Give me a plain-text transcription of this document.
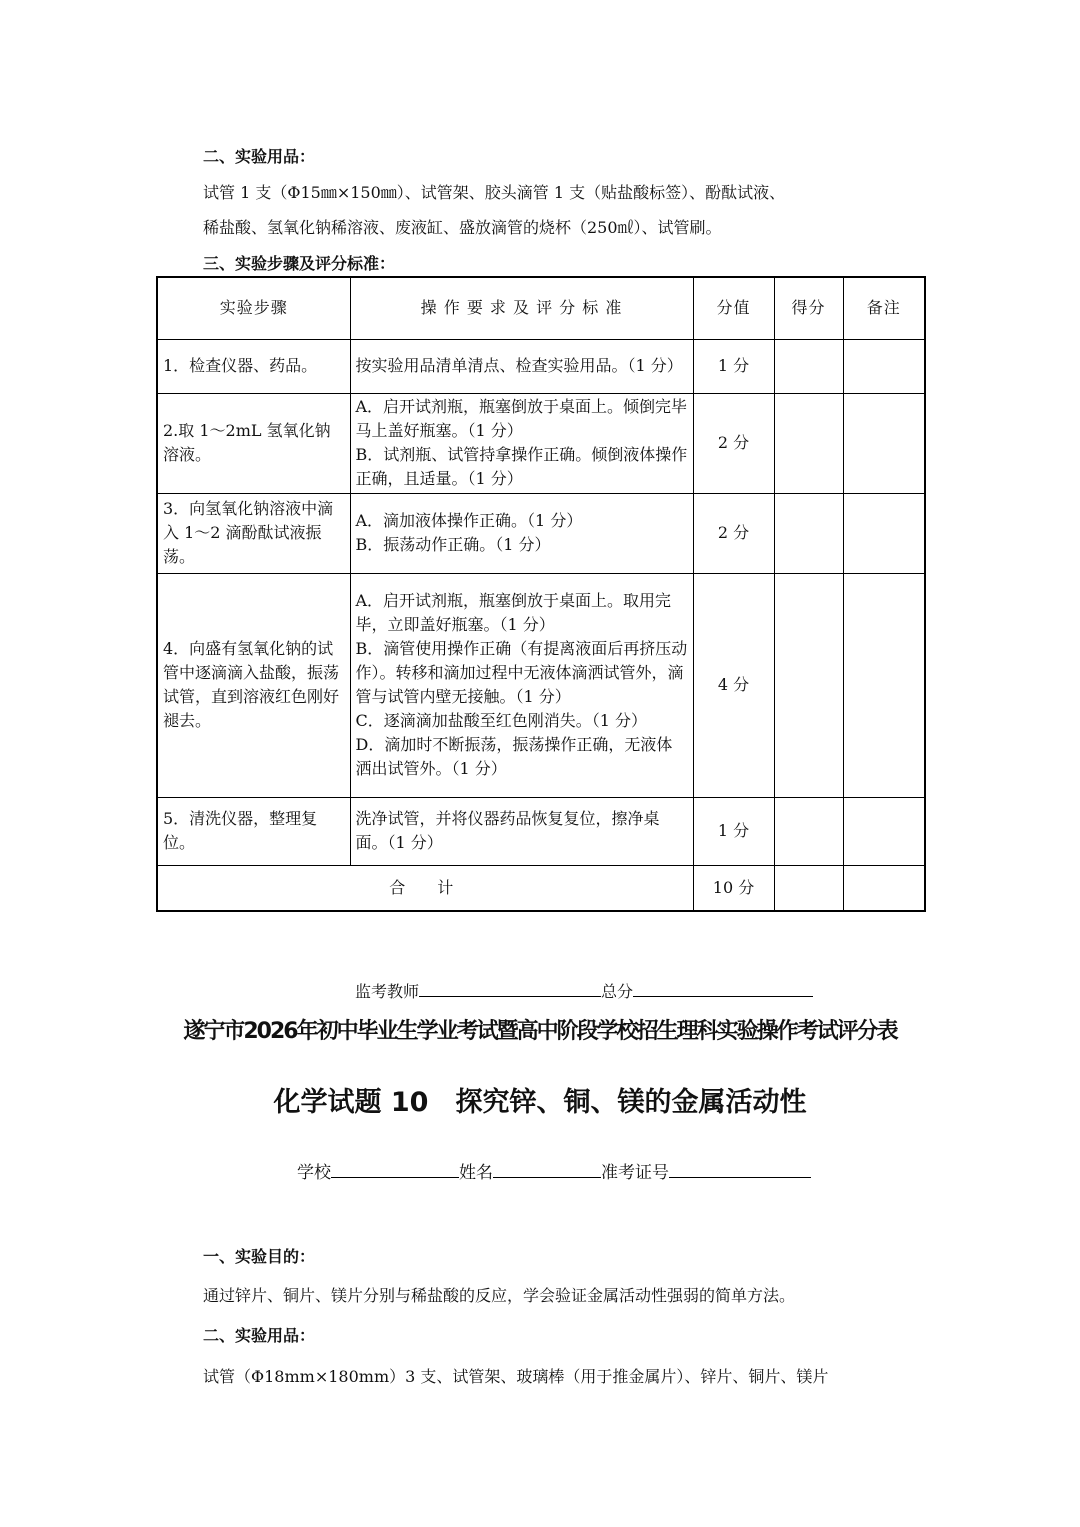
二、实验用品：
试管 1 支（Φ15㎜×150㎜）、试管架、胶头滴管 1 支（贴盐酸标签）、酚酞试液、
稀盐酸、氢氧化钠稀溶液、废液缸、盛放滴管的烧杯（250㎖）、试管刷。
三、实验步骤及评分标准：
实验步骤	操 作 要 求 及 评 分 标 准	分值	得分	备注
1．检查仪器、药品。	按实验用品清单清点、检查实验用品。（1 分）	1 分		
2.取 1～2mL 氢氧化钠溶液。	A．启开试剂瓶，瓶塞倒放于桌面上。倾倒完毕马上盖好瓶塞。（1 分）
B．试剂瓶、试管持拿操作正确。倾倒液体操作正确，且适量。（1 分）	2 分		
3．向氢氧化钠溶液中滴入 1～2 滴酚酞试液振荡。	A．滴加液体操作正确。（1 分）
B．振荡动作正确。（1 分）	2 分		
4．向盛有氢氧化钠的试管中逐滴滴入盐酸，振荡试管，直到溶液红色刚好褪去。	A．启开试剂瓶，瓶塞倒放于桌面上。取用完毕，立即盖好瓶塞。（1 分）
B．滴管使用操作正确（有提离液面后再挤压动作）。转移和滴加过程中无液体滴洒试管外，滴管与试管内壁无接触。（1 分）
C．逐滴滴加盐酸至红色刚消失。（1 分）
D．滴加时不断振荡，振荡操作正确，无液体洒出试管外。（1 分）	4 分		
5．清洗仪器，整理复位。	洗净试管，并将仪器药品恢复复位，擦净桌面。（1 分）	1 分		
合　计		10 分		
监考教师	总分
遂宁市2026年初中毕业生学业考试暨高中阶段学校招生理科实验操作考试评分表
化学试题 10　探究锌、铜、镁的金属活动性
学校	姓名	准考证号
一、实验目的：
通过锌片、铜片、镁片分别与稀盐酸的反应，学会验证金属活动性强弱的简单方法。
二、实验用品：
试管（Φ18mm×180mm）3 支、试管架、玻璃棒（用于推金属片）、锌片、铜片、镁片
